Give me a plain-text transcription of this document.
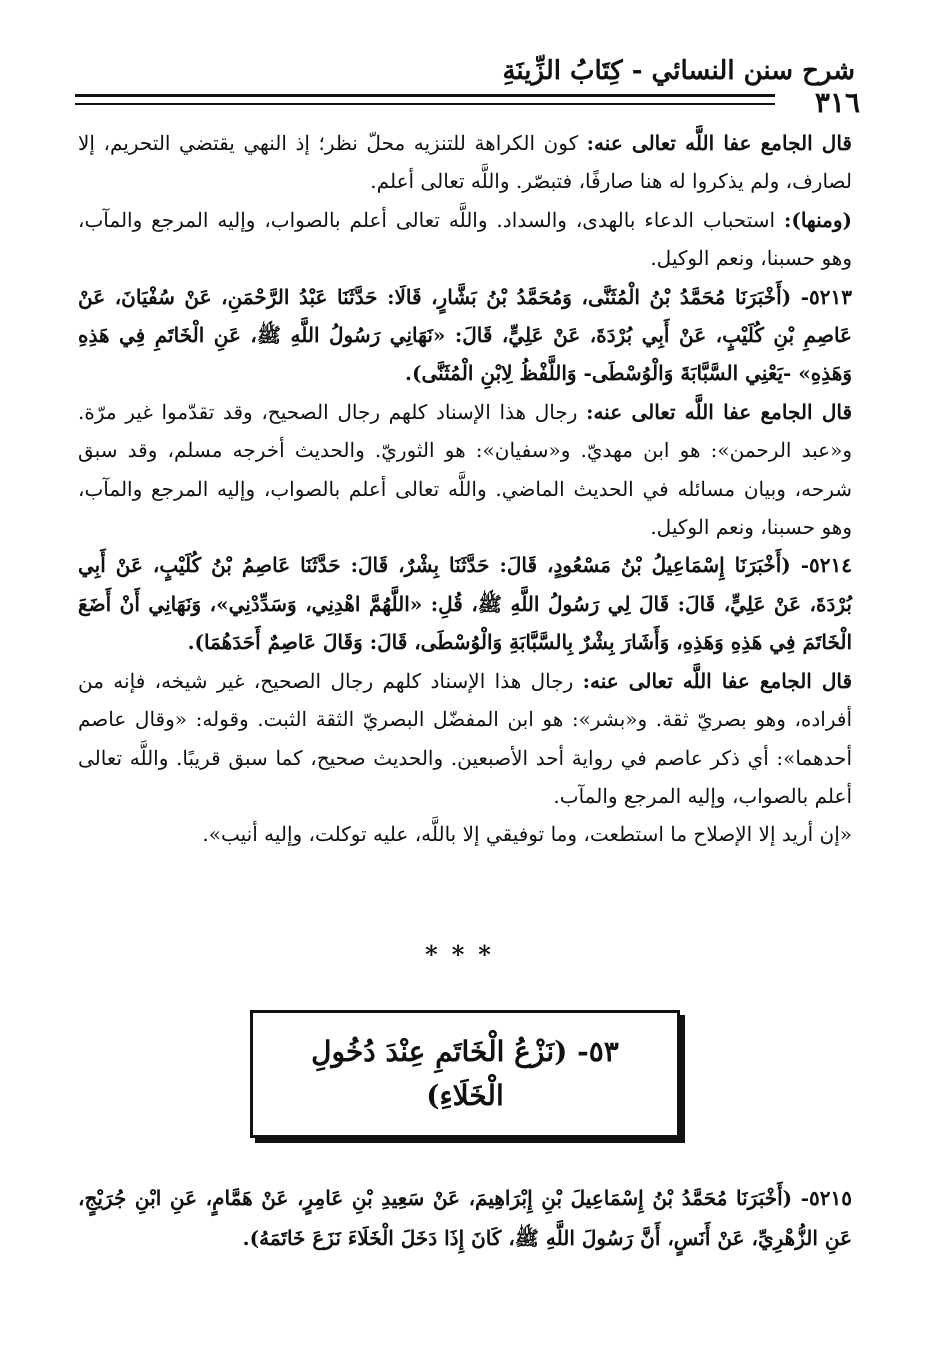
شرح سنن النسائي - كِتَابُ الزِّينَةِ
٣١٦

قال الجامع عفا اللَّه تعالى عنه: كون الكراهة للتنزيه محلّ نظر؛ إذ النهي يقتضي التحريم، إلا لصارف، ولم يذكروا له هنا صارفًا، فتبصّر. واللَّه تعالى أعلم.

(ومنها): استحباب الدعاء بالهدى، والسداد. واللَّه تعالى أعلم بالصواب، وإليه المرجع والمآب، وهو حسبنا، ونعم الوكيل.

٥٢١٣- (أَخْبَرَنَا مُحَمَّدُ بْنُ الْمُثَنَّى، وَمُحَمَّدُ بْنُ بَشَّارٍ، قَالَا: حَدَّثَنَا عَبْدُ الرَّحْمَنِ، عَنْ سُفْيَانَ، عَنْ عَاصِمِ بْنِ كُلَيْبٍ، عَنْ أَبِي بُرْدَةَ، عَنْ عَلِيٍّ، قَالَ: «نَهَانِي رَسُولُ اللَّهِ ﷺ، عَنِ الْخَاتَمِ فِي هَذِهِ وَهَذِهِ» -يَعْنِي السَّبَّابَةَ وَالْوُسْطَى- وَاللَّفْظُ لِابْنِ الْمُثَنَّى).

قال الجامع عفا اللَّه تعالى عنه: رجال هذا الإسناد كلهم رجال الصحيح، وقد تقدّموا غير مرّة. و«عبد الرحمن»: هو ابن مهديّ. و«سفيان»: هو الثوريّ. والحديث أخرجه مسلم، وقد سبق شرحه، وبيان مسائله في الحديث الماضي. واللَّه تعالى أعلم بالصواب، وإليه المرجع والمآب، وهو حسبنا، ونعم الوكيل.

٥٢١٤- (أَخْبَرَنَا إِسْمَاعِيلُ بْنُ مَسْعُودٍ، قَالَ: حَدَّثَنَا بِشْرٌ، قَالَ: حَدَّثَنَا عَاصِمُ بْنُ كُلَيْبٍ، عَنْ أَبِي بُرْدَةَ، عَنْ عَلِيٍّ، قَالَ: قَالَ لِي رَسُولُ اللَّهِ ﷺ، قُلِ: «اللَّهُمَّ اهْدِنِي، وَسَدِّدْنِي»، وَنَهَانِي أَنْ أَضَعَ الْخَاتَمَ فِي هَذِهِ وَهَذِهِ، وَأَشَارَ بِشْرٌ بِالسَّبَّابَةِ وَالْوُسْطَى، قَالَ: وَقَالَ عَاصِمٌ أَحَدَهُمَا).

قال الجامع عفا اللَّه تعالى عنه: رجال هذا الإسناد كلهم رجال الصحيح، غير شيخه، فإنه من أفراده، وهو بصريّ ثقة. و«بشر»: هو ابن المفضّل البصريّ الثقة الثبت. وقوله: «وقال عاصم أحدهما»: أي ذكر عاصم في رواية أحد الأصبعين. والحديث صحيح، كما سبق قريبًا. واللَّه تعالى أعلم بالصواب، وإليه المرجع والمآب.

«إن أريد إلا الإصلاح ما استطعت، وما توفيقي إلا باللَّه، عليه توكلت، وإليه أنيب».

***
٥٣- (نَزْعُ الْخَاتَمِ عِنْدَ دُخُولِ
الْخَلَاءِ)

٥٢١٥- (أَخْبَرَنَا مُحَمَّدُ بْنُ إِسْمَاعِيلَ بْنِ إِبْرَاهِيمَ، عَنْ سَعِيدِ بْنِ عَامِرٍ، عَنْ هَمَّامٍ، عَنِ ابْنِ جُرَيْجٍ، عَنِ الزُّهْرِيِّ، عَنْ أَنَسٍ، أَنَّ رَسُولَ اللَّهِ ﷺ، كَانَ إِذَا دَخَلَ الْخَلَاءَ نَزَعَ خَاتَمَهُ).
